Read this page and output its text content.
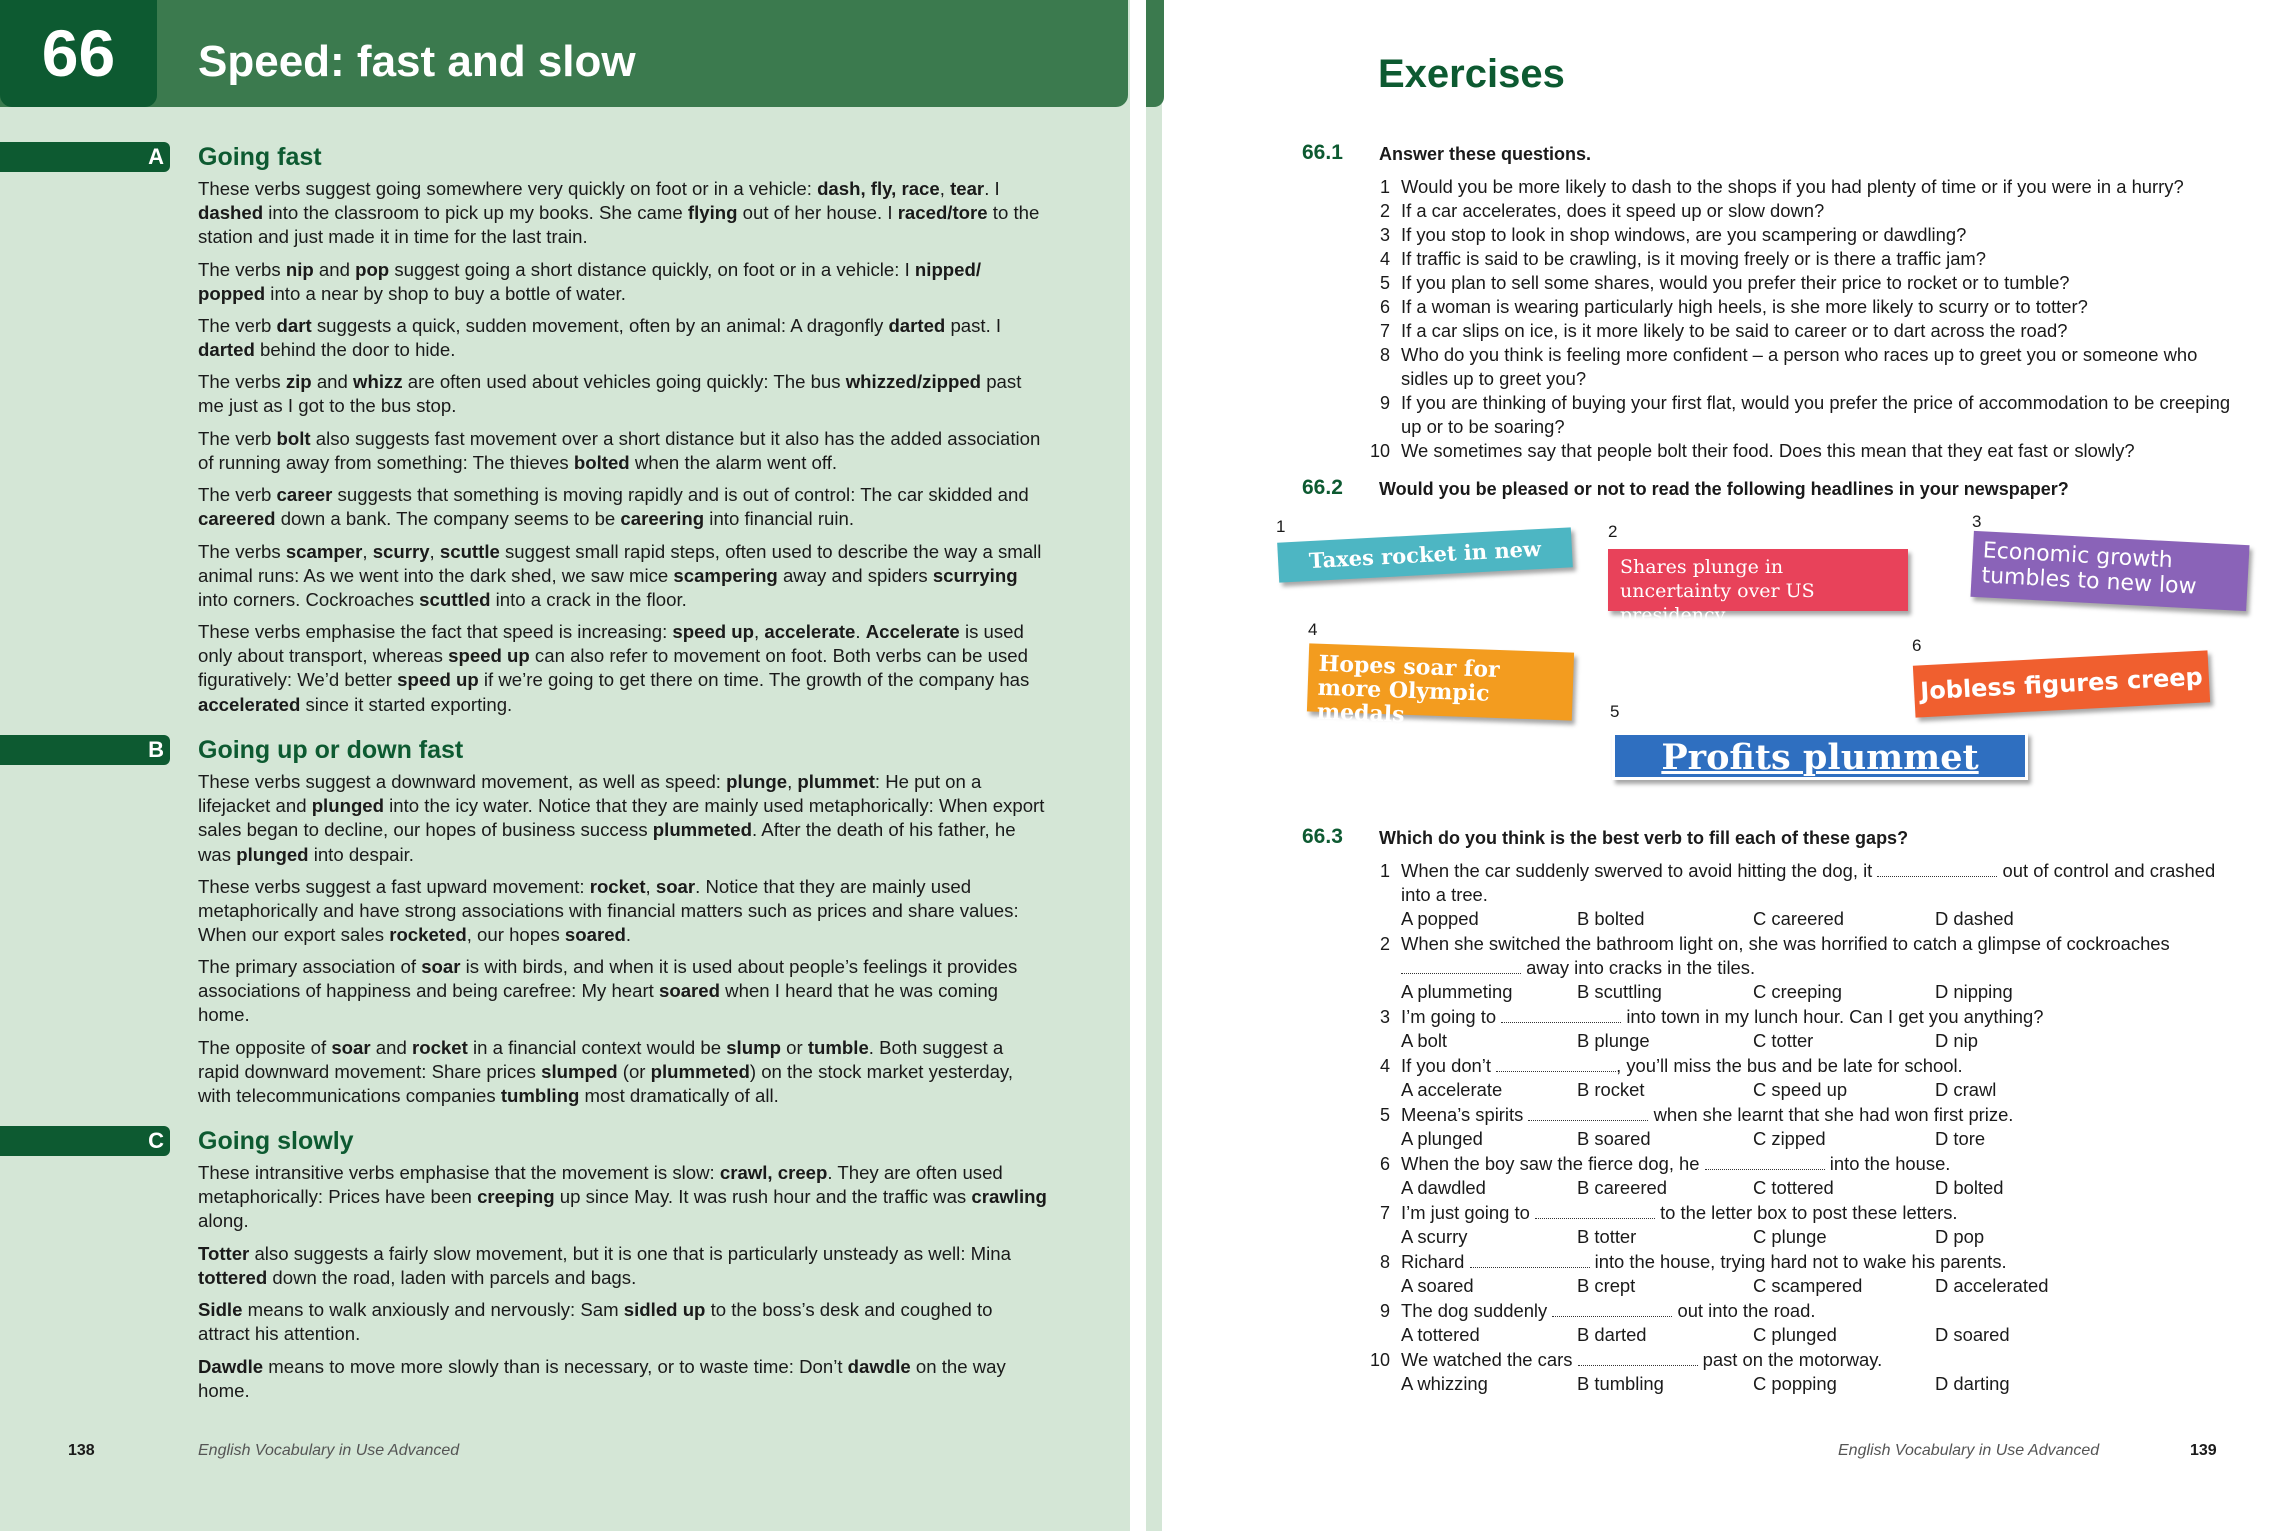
66	Speed: fast and slow
A Going fast
These verbs suggest going somewhere very quickly on foot or in a vehicle: dash, fly, race, tear. I dashed into the classroom to pick up my books. She came flying out of her house. I raced/tore to the station and just made it in time for the last train.
The verbs nip and pop suggest going a short distance quickly, on foot or in a vehicle: I nipped/ popped into a near by shop to buy a bottle of water.
The verb dart suggests a quick, sudden movement, often by an animal: A dragonfly darted past. I darted behind the door to hide.
The verbs zip and whizz are often used about vehicles going quickly: The bus whizzed/zipped past me just as I got to the bus stop.
The verb bolt also suggests fast movement over a short distance but it also has the added association of running away from something: The thieves bolted when the alarm went off.
The verb career suggests that something is moving rapidly and is out of control: The car skidded and careered down a bank. The company seems to be careering into financial ruin.
The verbs scamper, scurry, scuttle suggest small rapid steps, often used to describe the way a small animal runs: As we went into the dark shed, we saw mice scampering away and spiders scurrying into corners. Cockroaches scuttled into a crack in the floor.
These verbs emphasise the fact that speed is increasing: speed up, accelerate. Accelerate is used only about transport, whereas speed up can also refer to movement on foot. Both verbs can be used figuratively: We’d better speed up if we’re going to get there on time. The growth of the company has accelerated since it started exporting.
B Going up or down fast
These verbs suggest a downward movement, as well as speed: plunge, plummet: He put on a lifejacket and plunged into the icy water. Notice that they are mainly used metaphorically: When export sales began to decline, our hopes of business success plummeted. After the death of his father, he was plunged into despair.
These verbs suggest a fast upward movement: rocket, soar. Notice that they are mainly used metaphorically and have strong associations with financial matters such as prices and share values: When our export sales rocketed, our hopes soared.
The primary association of soar is with birds, and when it is used about people’s feelings it provides associations of happiness and being carefree: My heart soared when I heard that he was coming home.
The opposite of soar and rocket in a financial context would be slump or tumble. Both suggest a rapid downward movement: Share prices slumped (or plummeted) on the stock market yesterday, with telecommunications companies tumbling most dramatically of all.
C Going slowly
These intransitive verbs emphasise that the movement is slow: crawl, creep. They are often used metaphorically: Prices have been creeping up since May. It was rush hour and the traffic was crawling along.
Totter also suggests a fairly slow movement, but it is one that is particularly unsteady as well: Mina tottered down the road, laden with parcels and bags.
Sidle means to walk anxiously and nervously: Sam sidled up to the boss’s desk and coughed to attract his attention.
Dawdle means to move more slowly than is necessary, or to waste time: Don’t dawdle on the way home.
138	English Vocabulary in Use Advanced
Exercises
66.1 Answer these questions.
1 Would you be more likely to dash to the shops if you had plenty of time or if you were in a hurry?
2 If a car accelerates, does it speed up or slow down?
3 If you stop to look in shop windows, are you scampering or dawdling?
4 If traffic is said to be crawling, is it moving freely or is there a traffic jam?
5 If you plan to sell some shares, would you prefer their price to rocket or to tumble?
6 If a woman is wearing particularly high heels, is she more likely to scurry or to totter?
7 If a car slips on ice, is it more likely to be said to career or to dart across the road?
8 Who do you think is feeling more confident – a person who races up to greet you or someone who sidles up to greet you?
9 If you are thinking of buying your first flat, would you prefer the price of accommodation to be creeping up or to be soaring?
10 We sometimes say that people bolt their food. Does this mean that they eat fast or slowly?
66.2 Would you be pleased or not to read the following headlines in your newspaper?
1
Taxes rocket in new budget
2
Shares plunge in uncertainty over US presidency
3
Economic growth tumbles to new low
4
Hopes soar for more Olympic medals
6
Jobless figures creep up
5
Profits plummet
66.3 Which do you think is the best verb to fill each of these gaps?
1 When the car suddenly swerved to avoid hitting the dog, it	out of control and crashed into a tree.
A popped	B bolted	C careered	D dashed
2 When she switched the bathroom light on, she was horrified to catch a glimpse of cockroaches  away into cracks in the tiles.
A plummeting	B scuttling	C creeping	D nipping
3 I’m going to	into town in my lunch hour. Can I get you anything?
A bolt	B plunge	C totter	D nip
4 If you don’t	, you’ll miss the bus and be late for school.
A accelerate	B rocket	C speed up	D crawl
5 Meena’s spirits	when she learnt that she had won first prize.
A plunged	B soared	C zipped	D tore
6 When the boy saw the fierce dog, he	into the house.
A dawdled	B careered	C tottered	D bolted
7 I’m just going to	to the letter box to post these letters.
A scurry	B totter	C plunge	D pop
8 Richard	into the house, trying hard not to wake his parents.
A soared	B crept	C scampered	D accelerated
9 The dog suddenly	out into the road.
A tottered	B darted	C plunged	D soared
10 We watched the cars	past on the motorway.
A whizzing	B tumbling	C popping	D darting
English Vocabulary in Use Advanced	139
